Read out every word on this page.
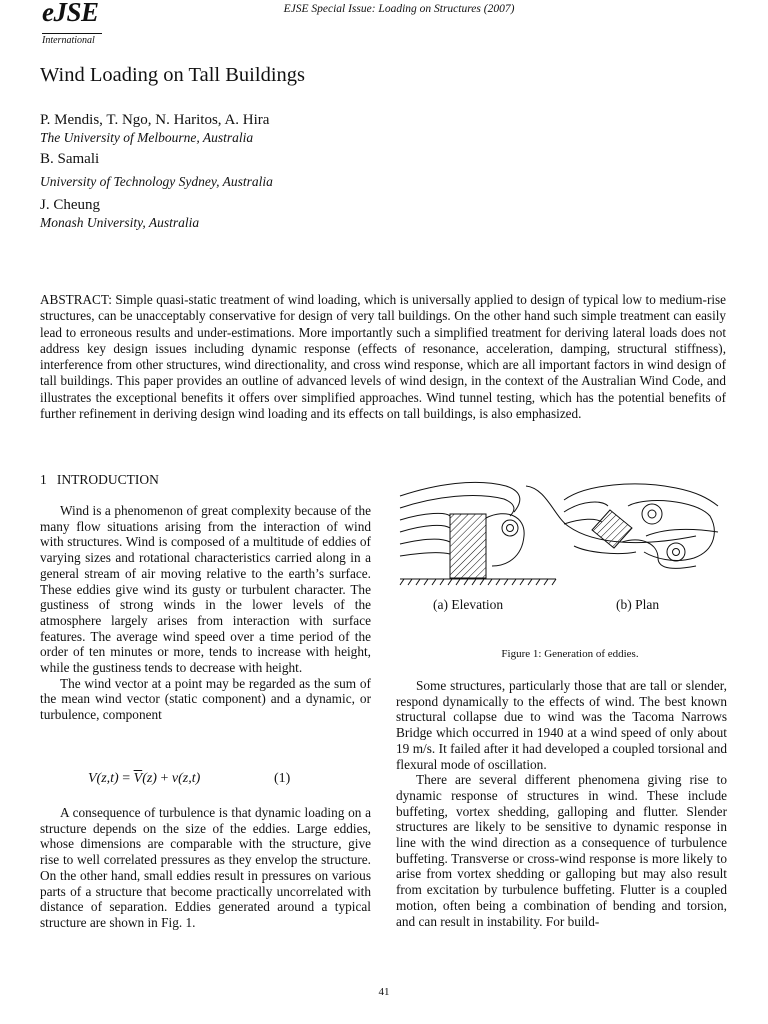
eJSE
International
EJSE Special Issue: Loading on Structures (2007)
Wind Loading on Tall Buildings
P. Mendis, T. Ngo, N. Haritos, A. Hira
The University of Melbourne, Australia
B. Samali
University of Technology Sydney, Australia
J. Cheung
Monash University, Australia
ABSTRACT: Simple quasi-static treatment of wind loading, which is universally applied to design of typical low to medium-rise structures, can be unacceptably conservative for design of very tall buildings. On the other hand such simple treatment can easily lead to erroneous results and under-estimations. More importantly such a simplified treatment for deriving lateral loads does not address key design issues including dynamic response (effects of resonance, acceleration, damping, structural stiffness), interference from other structures, wind directionality, and cross wind response, which are all important factors in wind design of tall buildings. This paper provides an outline of advanced levels of wind design, in the context of the Australian Wind Code, and illustrates the exceptional benefits it offers over simplified approaches. Wind tunnel testing, which has the potential benefits of further refinement in deriving design wind loading and its effects on tall buildings, is also emphasized.
1 INTRODUCTION

Wind is a phenomenon of great complexity because of the many flow situations arising from the interaction of wind with structures. Wind is composed of a multitude of eddies of varying sizes and rotational characteristics carried along in a general stream of air moving relative to the earth’s surface. These eddies give wind its gusty or turbulent character. The gustiness of strong winds in the lower levels of the atmosphere largely arises from interaction with surface features. The average wind speed over a time period of the order of ten minutes or more, tends to increase with height, while the gustiness tends to decrease with height.

The wind vector at a point may be regarded as the sum of the mean wind vector (static component) and a dynamic, or turbulence, component

$V(z,t) = \overline{V}(z) + v(z,t)$	(1)

A consequence of turbulence is that dynamic loading on a structure depends on the size of the eddies. Large eddies, whose dimensions are comparable with the structure, give rise to well correlated pressures as they envelop the structure. On the other hand, small eddies result in pressures on various parts of a structure that become practically uncorrelated with distance of separation. Eddies generated around a typical structure are shown in Fig. 1.

(a) Elevation	(b) Plan
Figure 1: Generation of eddies.

Some structures, particularly those that are tall or slender, respond dynamically to the effects of wind. The best known structural collapse due to wind was the Tacoma Narrows Bridge which occurred in 1940 at a wind speed of only about 19 m/s. It failed after it had developed a coupled torsional and flexural mode of oscillation.

There are several different phenomena giving rise to dynamic response of structures in wind. These include buffeting, vortex shedding, galloping and flutter. Slender structures are likely to be sensitive to dynamic response in line with the wind direction as a consequence of turbulence buffeting. Transverse or cross-wind response is more likely to arise from vortex shedding or galloping but may also result from excitation by turbulence buffeting. Flutter is a coupled motion, often being a combination of bending and torsion, and can result in instability. For build-

41
